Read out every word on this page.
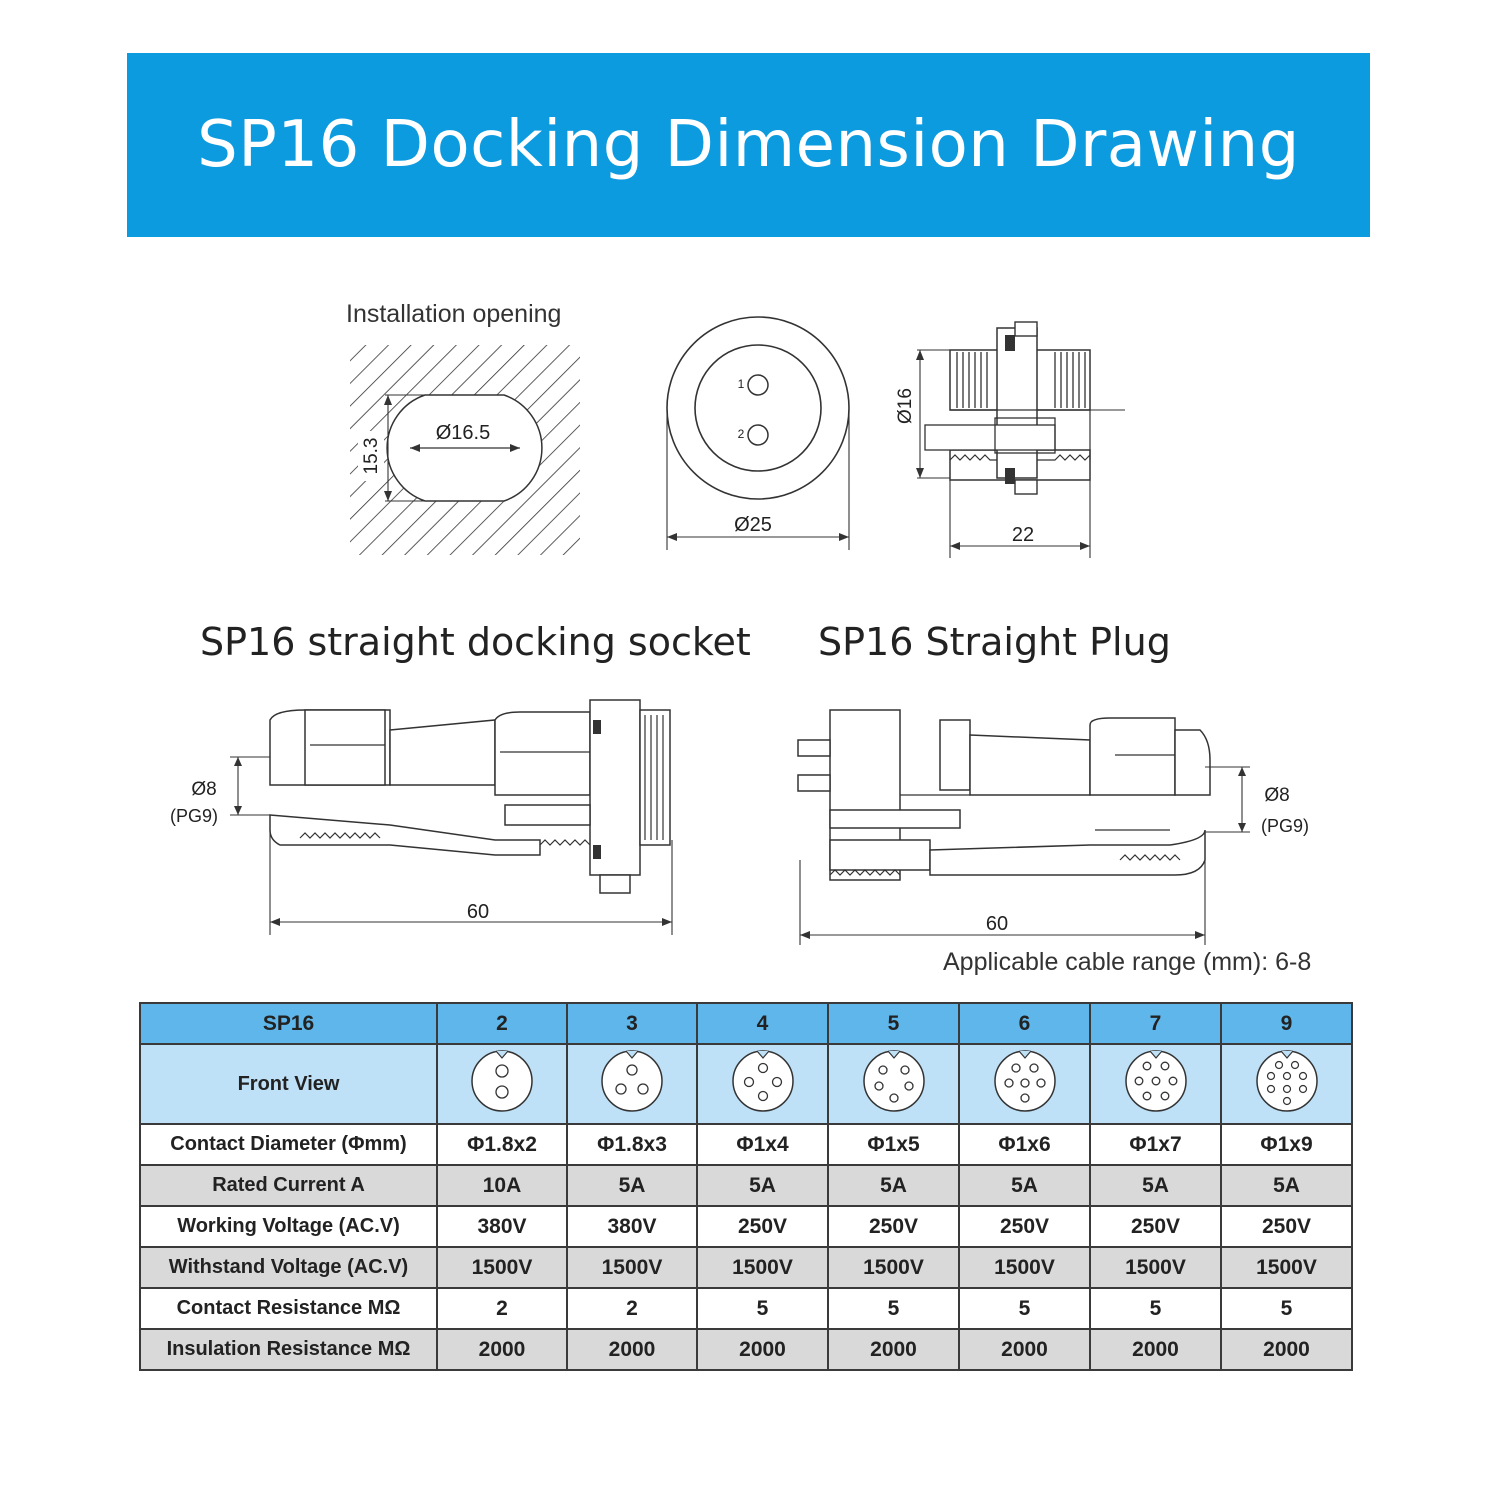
SP16 Docking Dimension Drawing
Installation opening
Ø16.5
15.3
1
2
Ø25
Ø16
22
SP16 straight docking socket SP16 Straight Plug
Ø8
(PG9)
60
Ø8
(PG9)
60
Applicable cable range (mm): 6-8
SP16	2	3	4	5	6	7	9
Front View							
Contact Diameter (Φmm)	Φ1.8x2	Φ1.8x3	Φ1x4	Φ1x5	Φ1x6	Φ1x7	Φ1x9
Rated Current A	10A	5A	5A	5A	5A	5A	5A
Working Voltage (AC.V)	380V	380V	250V	250V	250V	250V	250V
Withstand Voltage (AC.V)	1500V	1500V	1500V	1500V	1500V	1500V	1500V
Contact Resistance MΩ	2	2	5	5	5	5	5
Insulation Resistance MΩ	2000	2000	2000	2000	2000	2000	2000
